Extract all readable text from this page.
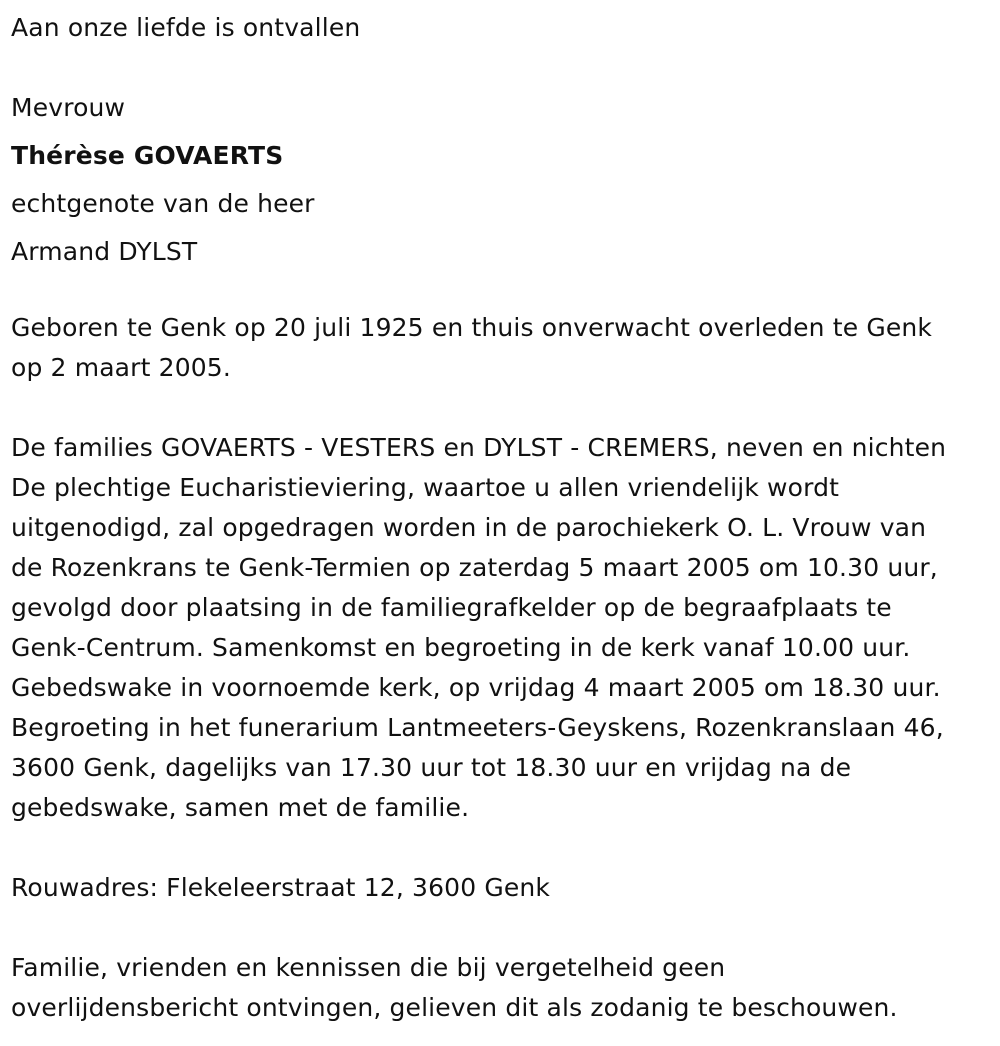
Aan onze liefde is ontvallen
Mevrouw
Thérèse GOVAERTS
echtgenote van de heer
Armand DYLST
Geboren te Genk op 20 juli 1925 en thuis onverwacht overleden te Genk
op 2 maart 2005.
De families GOVAERTS - VESTERS en DYLST - CREMERS, neven en nichten
De plechtige Eucharistieviering, waartoe u allen vriendelijk wordt
uitgenodigd, zal opgedragen worden in de parochiekerk O. L. Vrouw van
de Rozenkrans te Genk-Termien op zaterdag 5 maart 2005 om 10.30 uur,
gevolgd door plaatsing in de familiegrafkelder op de begraafplaats te
Genk-Centrum. Samenkomst en begroeting in de kerk vanaf 10.00 uur.
Gebedswake in voornoemde kerk, op vrijdag 4 maart 2005 om 18.30 uur.
Begroeting in het funerarium Lantmeeters-Geyskens, Rozenkranslaan 46,
3600 Genk, dagelijks van 17.30 uur tot 18.30 uur en vrijdag na de
gebedswake, samen met de familie.
Rouwadres: Flekeleerstraat 12, 3600 Genk
Familie, vrienden en kennissen die bij vergetelheid geen
overlijdensbericht ontvingen, gelieven dit als zodanig te beschouwen.
